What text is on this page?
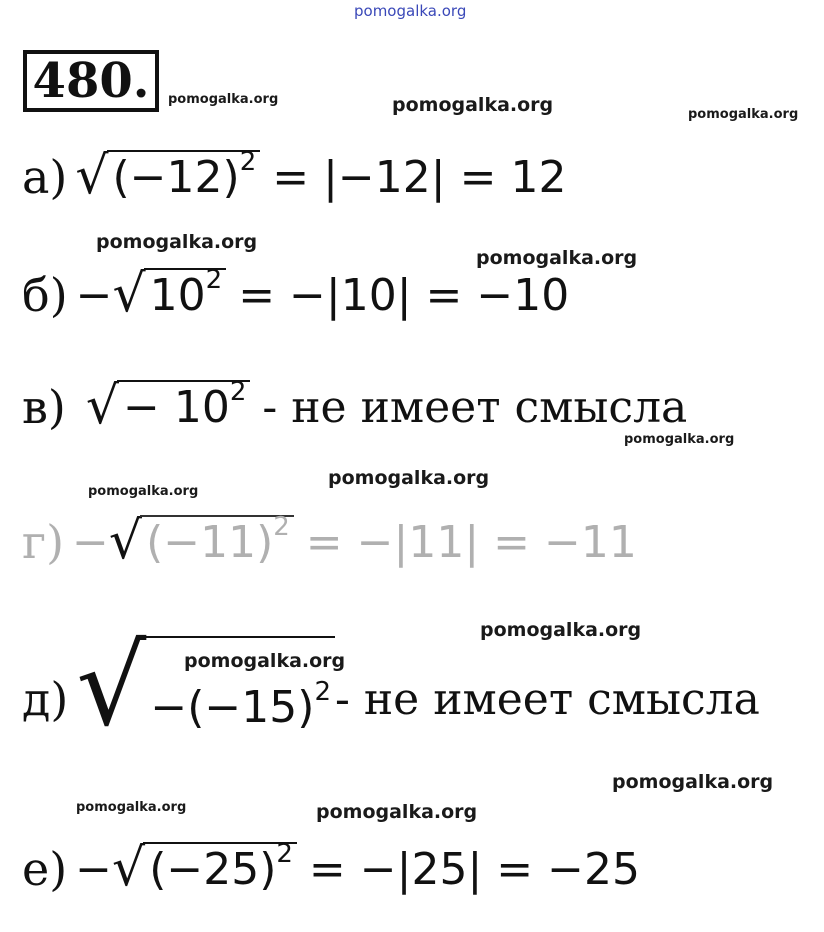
pomogalka.org
pomogalka.org	pomogalka.org	pomogalka.org
pomogalka.org
pomogalka.org
pomogalka.org
pomogalka.org
pomogalka.org
pomogalka.org
pomogalka.org
pomogalka.org
pomogalka.org	pomogalka.org
480.
а) √ $(-12)^2 = |-12| = 12$
б) − √ $10^2 = -|10| = -10$
в) √ − $10^2$ - не имеет смысла
г) − √ $(-11)^2 = -|11| = -11$
д) √ $-(-15)^2$ - не имеет смысла
е) − √ $(-25)^2 = -|25| = -25$
